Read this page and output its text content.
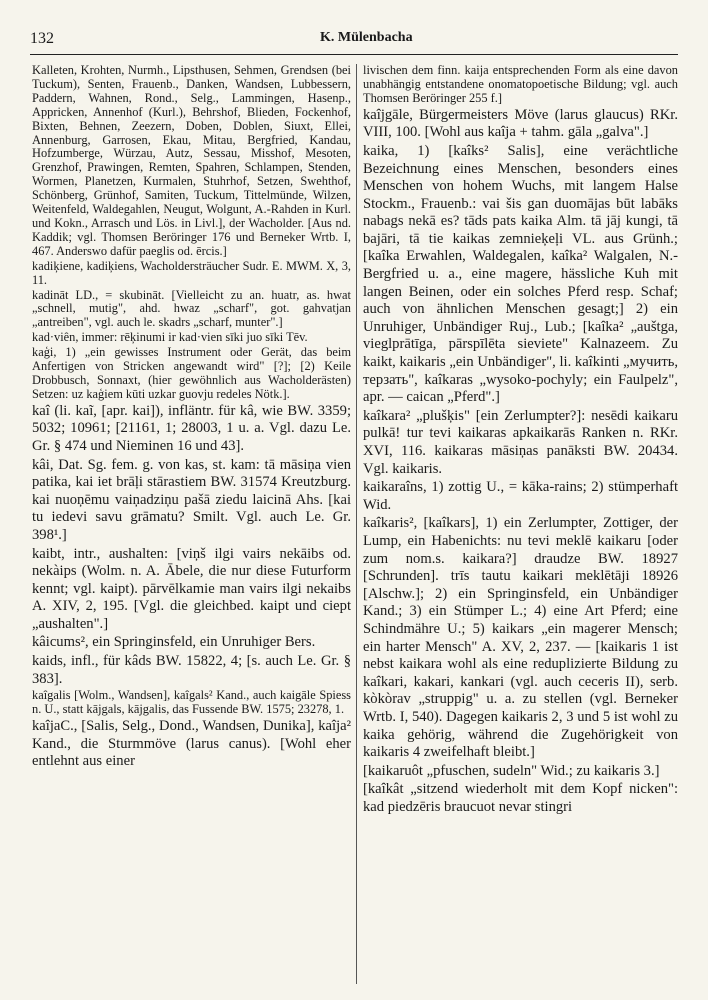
132	K. Mülenbacha

Kalleten, Krohten, Nurmh., Lipsthusen, Sehmen, Grendsen (bei Tuckum), Senten, Frauenb., Danken, Wandsen, Lubbessern, Paddern, Wahnen, Rond., Selg., Lammingen, Hasenp., Appricken, Annenhof (Kurl.), Behrshof, Blieden, Fockenhof, Bixten, Behnen, Zeezern, Doben, Doblen, Siuxt, Ellei, Annenburg, Garrosen, Ekau, Mitau, Bergfried, Kandau, Hofzumberge, Würzau, Autz, Sessau, Misshof, Mesoten, Grenzhof, Prawingen, Remten, Spahren, Schlampen, Stenden, Wormen, Planetzen, Kurmalen, Stuhrhof, Setzen, Swehthof, Schönberg, Grünhof, Samiten, Tuckum, Tittelmünde, Wilzen, Weitenfeld, Waldegahlen, Neugut, Wolgunt, A.-Rahden in Kurl. und Kokn., Arrasch und Lös. in Livl.], der Wacholder. [Aus nd. Kaddik; vgl. Thomsen Beröringer 176 und Berneker Wrtb. I, 467. Anderswo dafür paeglis od. ērcis.]

kadiķiene, kadiķiens, Wacholdersträucher Sudr. E. MWM. X, 3, 11.

kadināt LD., = skubināt. [Vielleicht zu an. huatr, as. hwat „schnell, mutig", ahd. hwaz „scharf", got. gahvatjan „antreiben", vgl. auch le. skadrs „scharf, munter".]

kad·viên, immer: rēķinumi ir kad·vien sīki juo sīki Tēv.

kaģi, 1) „ein gewisses Instrument oder Gerät, das beim Anfertigen von Stricken angewandt wird" [?]; [2) Keile Drobbusch, Sonnaxt, (hier gewöhnlich aus Wacholderästen) Setzen: uz kaģiem kūti uzkar guovju redeles Nötk.].

kaî (li. kaĩ, [apr. kai]), infläntr. für kâ, wie BW. 3359; 5032; 10961; [21161, 1; 28003, 1 u. a. Vgl. dazu Le. Gr. § 474 und Nieminen 16 und 43].

kâi, Dat. Sg. fem. g. von kas, st. kam: tā māsiņa vien patika, kai iet brāļi stārastiem BW. 31574 Kreutzburg. kai nuoņēmu vaiņadziņu pašā ziedu laicinā Ahs. [kai tu iedevi savu grāmatu? Smilt. Vgl. auch Le. Gr. 398¹.]

kaibt, intr., aushalten: [viņš ilgi vairs nekāibs od. nekàips (Wolm. n. A. Ābele, die nur diese Futurform kennt; vgl. kaipt). pārvēlkamie man vairs ilgi nekaibs A. XIV, 2, 195. [Vgl. die gleichbed. kaipt und ciept „aushalten".]

kâicums², ein Springinsfeld, ein Unruhiger Bers.

kaids, infl., für kâds BW. 15822, 4; [s. auch Le. Gr. § 383].

kaîgalis [Wolm., Wandsen], kaîgals² Kand., auch kaigāle Spiess n. U., statt kājgals, kājgalis, das Fussende BW. 1575; 23278, 1.

kaîjaC., [Salis, Selg., Dond., Wandsen, Dunika], kaîja² Kand., die Sturmmöve (larus canus). [Wohl eher entlehnt aus einer

livischen dem finn. kaija entsprechenden Form als eine davon unabhängig entstandene onomatopoetische Bildung; vgl. auch Thomsen Beröringer 255 f.]

kaîjgāle, Bürgermeisters Möve (larus glaucus) RKr. VIII, 100. [Wohl aus kaîja + tahm. gāla „galva".]

kaika, 1) [kaîks² Salis], eine verächtliche Bezeichnung eines Menschen, besonders eines Menschen von hohem Wuchs, mit langem Halse Stockm., Frauenb.: vai šis gan duomājas būt labāks nabags nekā es? tāds pats kaika Alm. tā jāj kungi, tā bajāri, tā tie kaikas zemnieķeļi VL. aus Grünh.; [kaîka Erwahlen, Waldegalen, kaîka² Walgalen, N.-Bergfried u. a., eine magere, hässliche Kuh mit langen Beinen, oder ein solches Pferd resp. Schaf; auch von ähnlichen Menschen gesagt;] 2) ein Unruhiger, Unbändiger Ruj., Lub.; [kaîka² „auštga, vieglprātīga, pārspīlēta sieviete" Kalnazeem. Zu kaikt, kaikaris „ein Unbändiger", li. kaîkinti „мучить, терзать", kaîkaras „wysoko-pochyly; ein Faulpelz", apr. — caican „Pferd".]

kaîkara² „plušķis" [ein Zerlumpter?]: nesēdi kaikaru pulkā! tur tevi kaikaras apkaikarās Ranken n. RKr. XVI, 116. kaikaras māsiņas panāksti BW. 20434. Vgl. kaikaris.

kaikaraîns, 1) zottig U., = kāka-rains; 2) stümperhaft Wid.

kaîkaris², [kaîkars], 1) ein Zerlumpter, Zottiger, der Lump, ein Habenichts: nu tevi meklē kaikaru [oder zum nom.s. kaikara?] draudze BW. 18927 [Schrunden]. trīs tautu kaikari meklētāji 18926 [Alschw.]; 2) ein Springinsfeld, ein Unbändiger Kand.; 3) ein Stümper L.; 4) eine Art Pferd; eine Schindmähre U.; 5) kaikars „ein magerer Mensch; ein harter Mensch" A. XV, 2, 237. — [kaikaris 1 ist nebst kaikara wohl als eine reduplizierte Bildung zu kaîkari, kakari, kankari (vgl. auch ceceris II), serb. kòkòrav „struppig" u. a. zu stellen (vgl. Berneker Wrtb. I, 540). Dagegen kaikaris 2, 3 und 5 ist wohl zu kaika gehörig, während die Zugehörigkeit von kaikaris 4 zweifelhaft bleibt.]

[kaikaruôt „pfuschen, sudeln" Wid.; zu kaikaris 3.]

[kaîkât „sitzend wiederholt mit dem Kopf nicken": kad piedzēris braucuot nevar stingri
